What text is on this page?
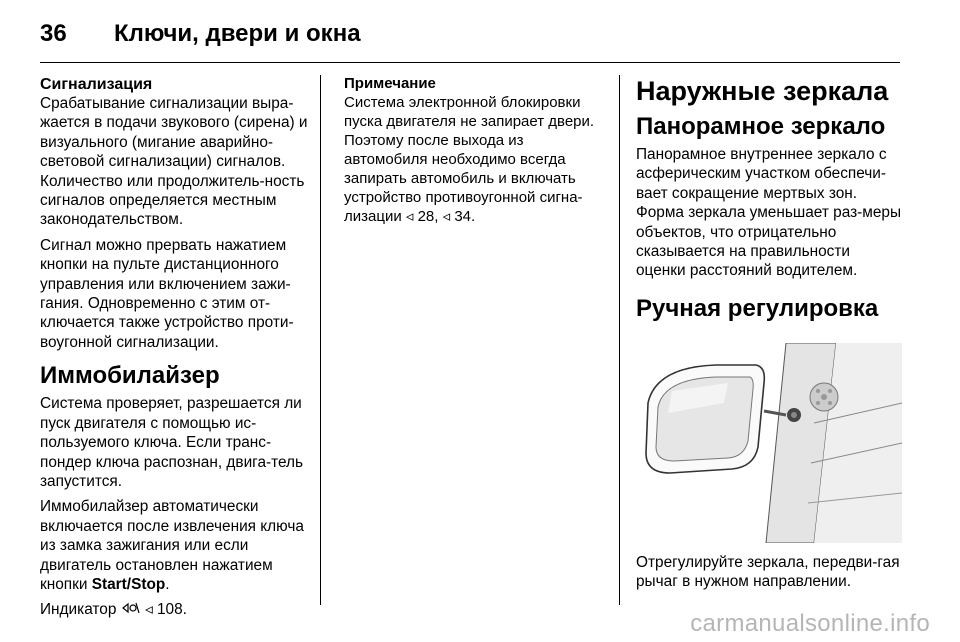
36	Ключи, двери и окна
Сигнализация

Срабатывание сигнализации выра-жается в подачи звукового (сирена) и визуального (мигание аварийно-световой сигнализации) сигналов. Количество или продолжитель-ность сигналов определяется местным законодательством.

Сигнал можно прервать нажатием кнопки на пульте дистанционного управления или включением зажи-гания. Одновременно с этим от-ключается также устройство проти-воугонной сигнализации.

Иммобилайзер

Система проверяет, разрешается ли пуск двигателя с помощью ис-пользуемого ключа. Если транс-пондер ключа распознан, двига-тель запустится.

Иммобилайзер автоматически включается после извлечения ключа из замка зажигания или если двигатель остановлен нажатием кнопки Start/Stop.

Индикатор  ◃ 108.

Примечание

Система электронной блокировки пуска двигателя не запирает двери. Поэтому после выхода из автомобиля необходимо всегда запирать автомобиль и включать устройство противоугонной сигна-лизации ◃ 28, ◃ 34.

Наружные зеркала
Панорамное зеркало

Панорамное внутреннее зеркало с асферическим участком обеспечи-вает сокращение мертвых зон. Форма зеркала уменьшает раз-меры объектов, что отрицательно сказывается на правильности оценки расстояний водителем.

Ручная регулировка

Отрегулируйте зеркала, передви-гая рычаг в нужном направлении.

carmanualsonline.info
